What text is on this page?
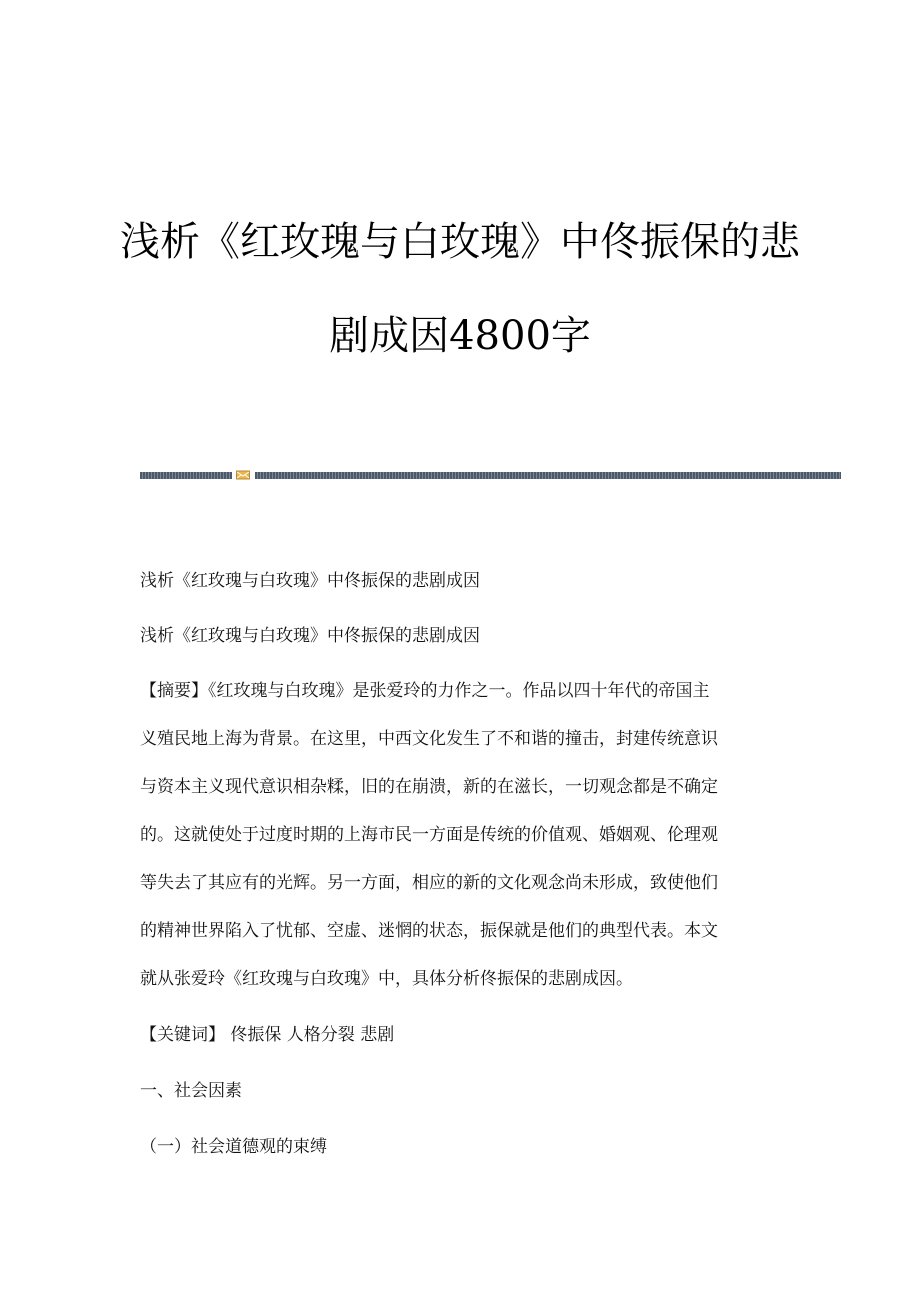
浅析《红玫瑰与白玫瑰》中佟振保的悲
剧成因4800字

浅析《红玫瑰与白玫瑰》中佟振保的悲剧成因

浅析《红玫瑰与白玫瑰》中佟振保的悲剧成因

【摘要】《红玫瑰与白玫瑰》是张爱玲的力作之一。作品以四十年代的帝国主

义殖民地上海为背景。在这里，中西文化发生了不和谐的撞击，封建传统意识

与资本主义现代意识相杂糅，旧的在崩溃，新的在滋长，一切观念都是不确定

的。这就使处于过度时期的上海市民一方面是传统的价值观、婚姻观、伦理观

等失去了其应有的光辉。另一方面，相应的新的文化观念尚未形成，致使他们

的精神世界陷入了忧郁、空虚、迷惘的状态，振保就是他们的典型代表。本文

就从张爱玲《红玫瑰与白玫瑰》中，具体分析佟振保的悲剧成因。

【关键词】 佟振保 人格分裂 悲剧

一、社会因素

（一）社会道德观的束缚
